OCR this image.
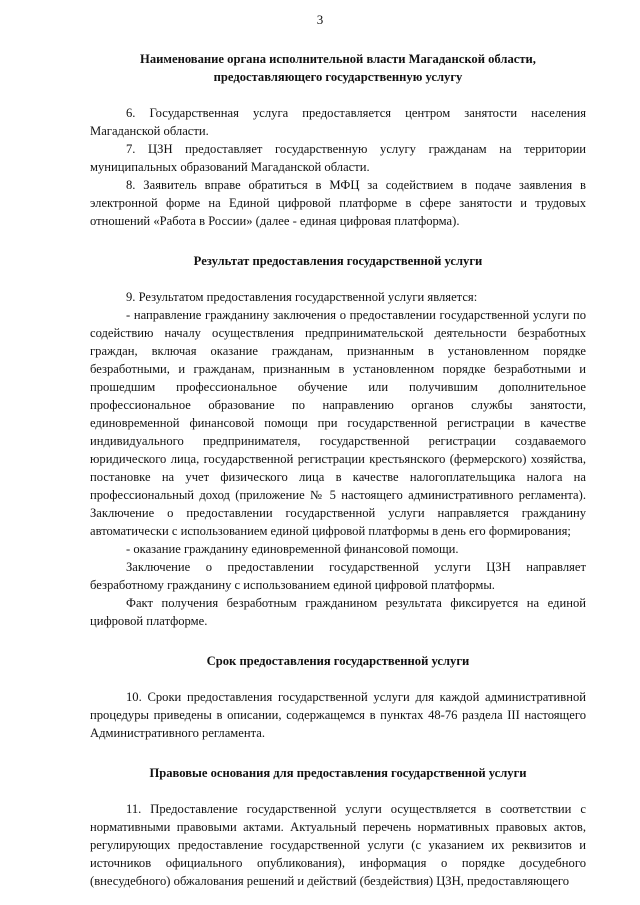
3
Наименование органа исполнительной власти Магаданской области,
предоставляющего государственную услугу

6. Государственная услуга предоставляется центром занятости населения Магаданской области.

7. ЦЗН предоставляет государственную услугу гражданам на территории муниципальных образований Магаданской области.

8. Заявитель вправе обратиться в МФЦ за содействием в подаче заявления в электронной форме на Единой цифровой платформе в сфере занятости и трудовых отношений «Работа в России» (далее - единая цифровая платформа).

Результат предоставления государственной услуги

9. Результатом предоставления государственной услуги является:

- направление гражданину заключения о предоставлении государственной услуги по содействию началу осуществления предпринимательской деятельности безработных граждан, включая оказание гражданам, признанным в установленном порядке безработными, и гражданам, признанным в установленном порядке безработными и прошедшим профессиональное обучение или получившим дополнительное профессиональное образование по направлению органов службы занятости, единовременной финансовой помощи при государственной регистрации в качестве индивидуального предпринимателя, государственной регистрации создаваемого юридического лица, государственной регистрации крестьянского (фермерского) хозяйства, постановке на учет физического лица в качестве налогоплательщика налога на профессиональный доход (приложение № 5 настоящего административного регламента). Заключение о предоставлении государственной услуги направляется гражданину автоматически с использованием единой цифровой платформы в день его формирования;

- оказание гражданину единовременной финансовой помощи.

Заключение о предоставлении государственной услуги ЦЗН направляет безработному гражданину с использованием единой цифровой платформы.

Факт получения безработным гражданином результата фиксируется на единой цифровой платформе.

Срок предоставления государственной услуги

10. Сроки предоставления государственной услуги для каждой административной процедуры приведены в описании, содержащемся в пунктах 48-76 раздела III настоящего Административного регламента.

Правовые основания для предоставления государственной услуги

11. Предоставление государственной услуги осуществляется в соответствии с нормативными правовыми актами. Актуальный перечень нормативных правовых актов, регулирующих предоставление государственной услуги (с указанием их реквизитов и источников официального опубликования), информация о порядке досудебного (внесудебного) обжалования решений и действий (бездействия) ЦЗН, предоставляющего
